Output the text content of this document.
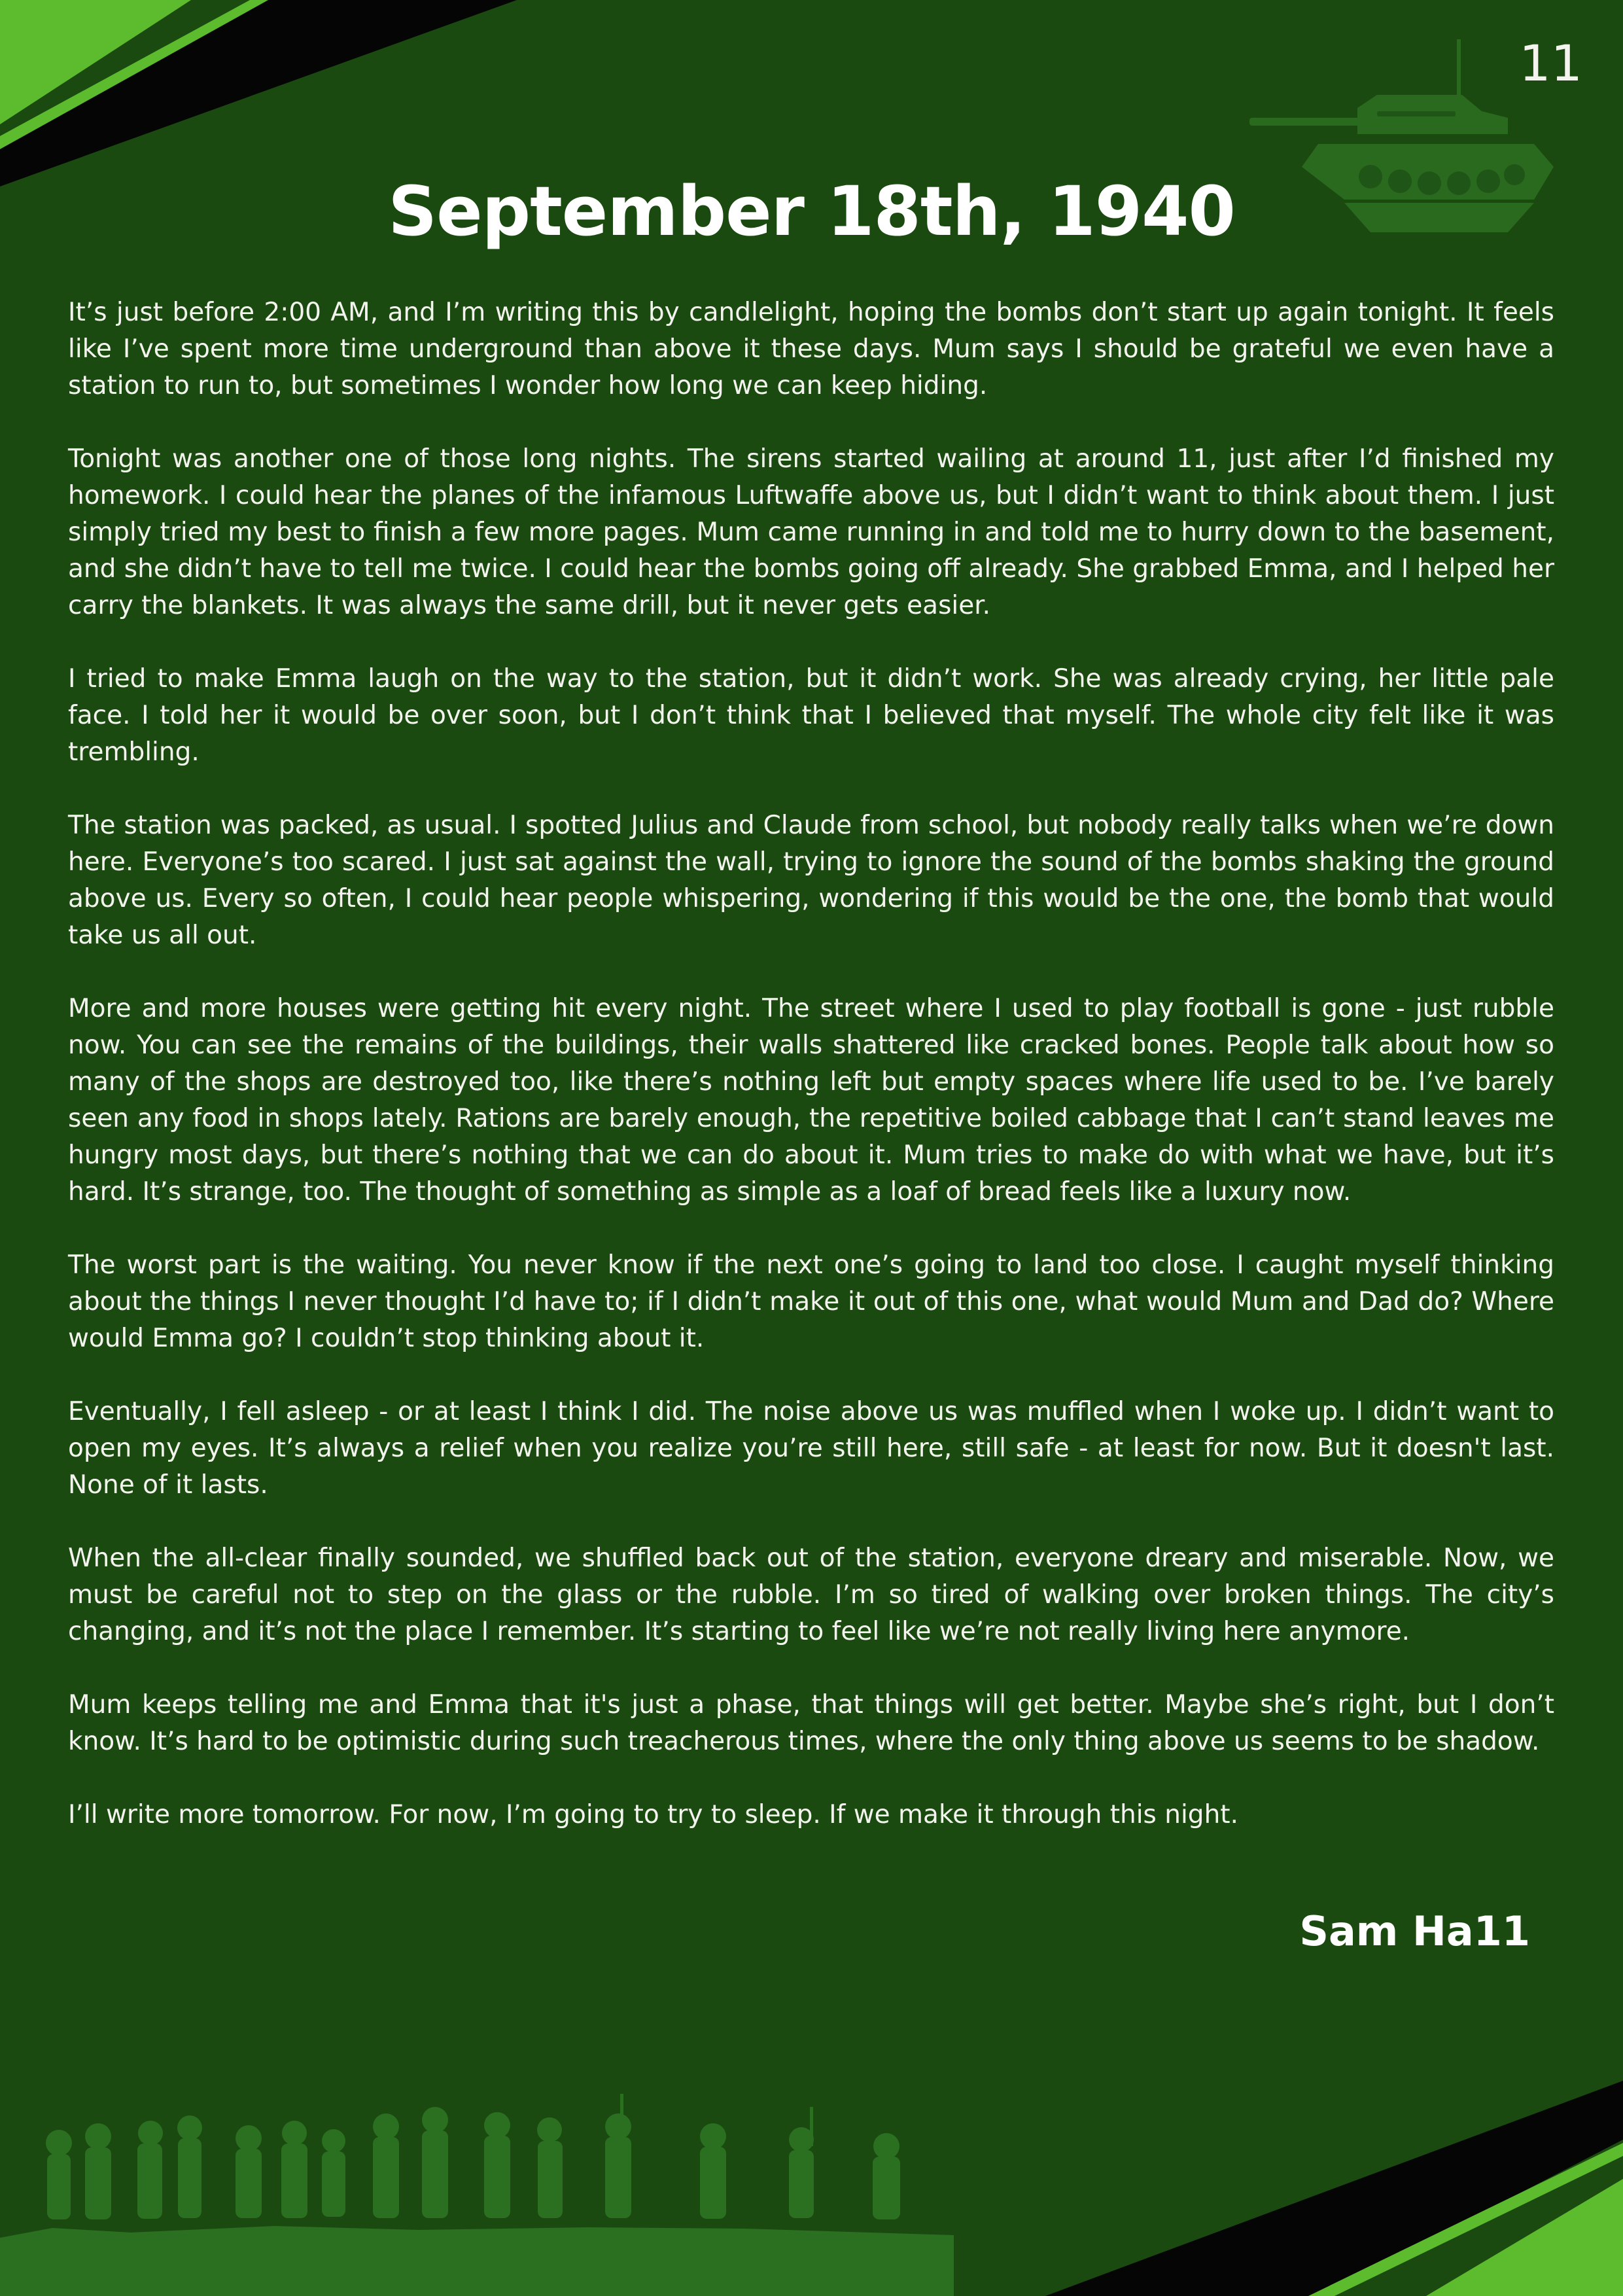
11
September 18th, 1940

It’s just before 2:00 AM, and I’m writing this by candlelight, hoping the bombs don’t start up again tonight. It feels like I’ve spent more time underground than above it these days. Mum says I should be grateful we even have a station to run to, but sometimes I wonder how long we can keep hiding.

Tonight was another one of those long nights. The sirens started wailing at around 11, just after I’d finished my homework. I could hear the planes of the infamous Luftwaffe above us, but I didn’t want to think about them. I just simply tried my best to finish a few more pages. Mum came running in and told me to hurry down to the basement, and she didn’t have to tell me twice. I could hear the bombs going off already. She grabbed Emma, and I helped her carry the blankets. It was always the same drill, but it never gets easier.

I tried to make Emma laugh on the way to the station, but it didn’t work. She was already crying, her little pale face. I told her it would be over soon, but I don’t think that I believed that myself. The whole city felt like it was trembling.

The station was packed, as usual. I spotted Julius and Claude from school, but nobody really talks when we’re down here. Everyone’s too scared. I just sat against the wall, trying to ignore the sound of the bombs shaking the ground above us. Every so often, I could hear people whispering, wondering if this would be the one, the bomb that would take us all out.

More and more houses were getting hit every night. The street where I used to play football is gone - just rubble now. You can see the remains of the buildings, their walls shattered like cracked bones. People talk about how so many of the shops are destroyed too, like there’s nothing left but empty spaces where life used to be. I’ve barely seen any food in shops lately. Rations are barely enough, the repetitive boiled cabbage that I can’t stand leaves me hungry most days, but there’s nothing that we can do about it. Mum tries to make do with what we have, but it’s hard. It’s strange, too. The thought of something as simple as a loaf of bread feels like a luxury now.

The worst part is the waiting. You never know if the next one’s going to land too close. I caught myself thinking about the things I never thought I’d have to; if I didn’t make it out of this one, what would Mum and Dad do? Where would Emma go? I couldn’t stop thinking about it.

Eventually, I fell asleep - or at least I think I did. The noise above us was muffled when I woke up. I didn’t want to open my eyes. It’s always a relief when you realize you’re still here, still safe - at least for now. But it doesn't last. None of it lasts.

When the all-clear finally sounded, we shuffled back out of the station, everyone dreary and miserable. Now, we must be careful not to step on the glass or the rubble. I’m so tired of walking over broken things. The city’s changing, and it’s not the place I remember. It’s starting to feel like we’re not really living here anymore.

Mum keeps telling me and Emma that it's just a phase, that things will get better. Maybe she’s right, but I don’t know. It’s hard to be optimistic during such treacherous times, where the only thing above us seems to be shadow.

I’ll write more tomorrow. For now, I’m going to try to sleep. If we make it through this night.

Sam Ha11
